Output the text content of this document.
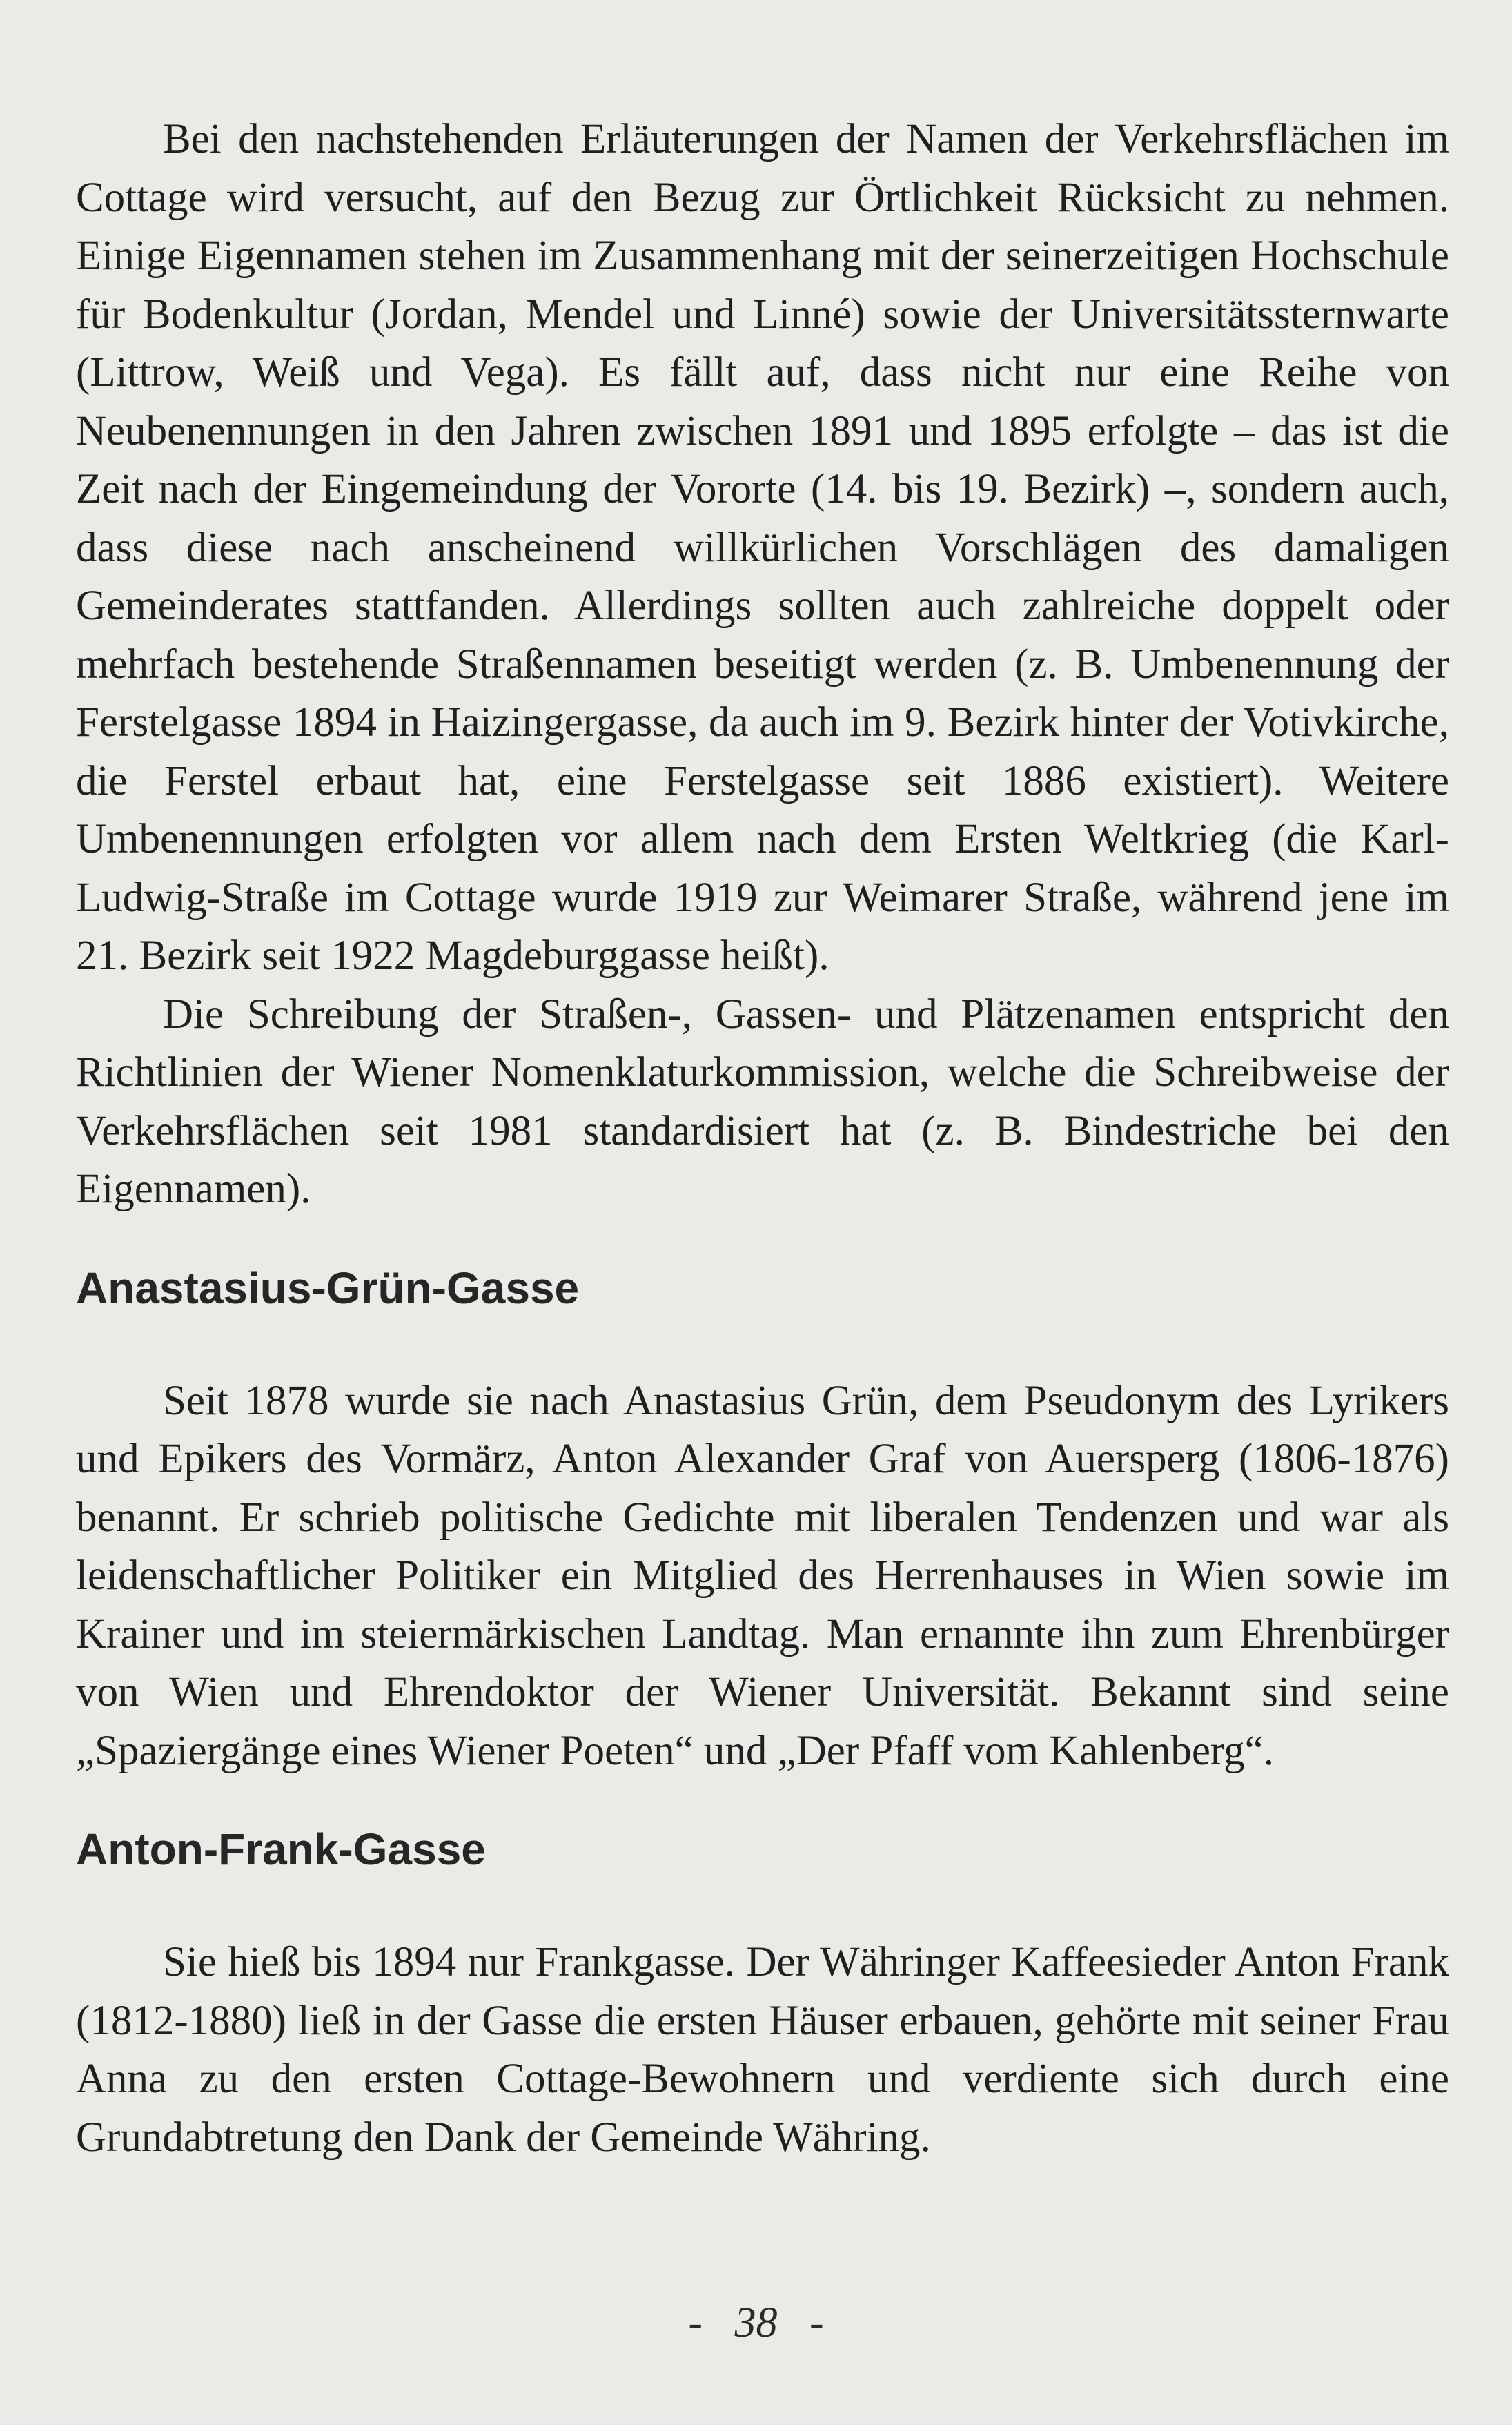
Bei den nachstehenden Erläuterungen der Namen der Verkehrsflächen im Cottage wird versucht, auf den Bezug zur Örtlichkeit Rücksicht zu nehmen. Einige Eigennamen stehen im Zusammenhang mit der seinerzeitigen Hochschule für Bodenkultur (Jordan, Mendel und Linné) sowie der Universitätssternwarte (Littrow, Weiß und Vega). Es fällt auf, dass nicht nur eine Reihe von Neubenennungen in den Jahren zwischen 1891 und 1895 erfolgte – das ist die Zeit nach der Eingemeindung der Vororte (14. bis 19. Bezirk) –, sondern auch, dass diese nach anscheinend willkürlichen Vorschlägen des damaligen Gemeinderates stattfanden. Allerdings sollten auch zahlreiche doppelt oder mehrfach bestehende Straßennamen beseitigt werden (z. B. Umbenennung der Ferstelgasse 1894 in Haizingergasse, da auch im 9. Bezirk hinter der Votivkirche, die Ferstel erbaut hat, eine Ferstelgasse seit 1886 existiert). Weitere Umbenennungen erfolgten vor allem nach dem Ersten Weltkrieg (die Karl-Ludwig-Straße im Cottage wurde 1919 zur Weimarer Straße, während jene im 21. Bezirk seit 1922 Magdeburggasse heißt).

Die Schreibung der Straßen-, Gassen- und Plätzenamen entspricht den Richtlinien der Wiener Nomenklaturkommission, welche die Schreibweise der Verkehrsflächen seit 1981 standardisiert hat (z. B. Bindestriche bei den Eigennamen).

Anastasius-Grün-Gasse

Seit 1878 wurde sie nach Anastasius Grün, dem Pseudonym des Lyrikers und Epikers des Vormärz, Anton Alexander Graf von Auersperg (1806-1876) benannt. Er schrieb politische Gedichte mit liberalen Tendenzen und war als leidenschaftlicher Politiker ein Mitglied des Herrenhauses in Wien sowie im Krainer und im steiermärkischen Landtag. Man ernannte ihn zum Ehrenbürger von Wien und Ehrendoktor der Wiener Universität. Bekannt sind seine „Spaziergänge eines Wiener Poeten“ und „Der Pfaff vom Kahlenberg“.

Anton-Frank-Gasse

Sie hieß bis 1894 nur Frankgasse. Der Währinger Kaffeesieder Anton Frank (1812-1880) ließ in der Gasse die ersten Häuser erbauen, gehörte mit seiner Frau Anna zu den ersten Cottage-Bewohnern und verdiente sich durch eine Grundabtretung den Dank der Gemeinde Währing.

- 38 -
